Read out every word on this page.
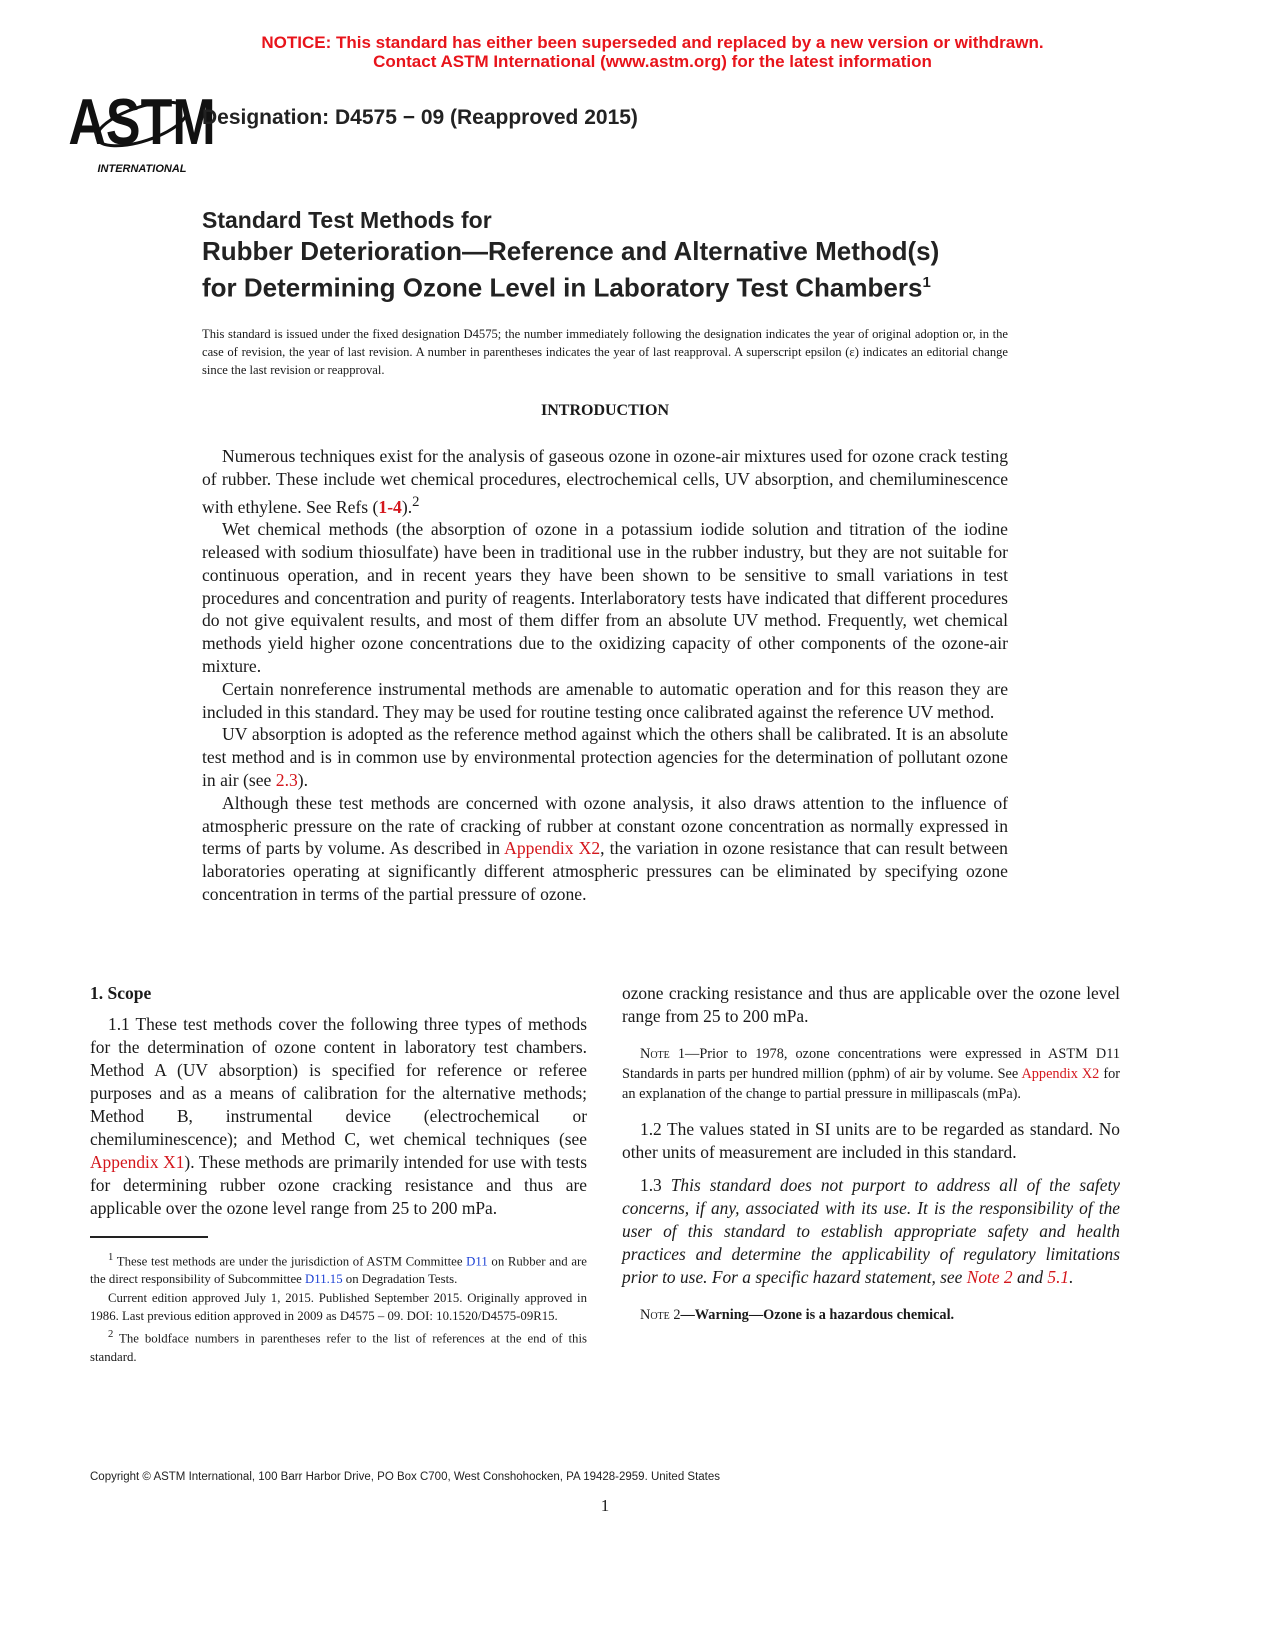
NOTICE: This standard has either been superseded and replaced by a new version or withdrawn.
Contact ASTM International (www.astm.org) for the latest information
ASTM
INTERNATIONAL
Designation: D4575 − 09 (Reapproved 2015)
Standard Test Methods for
Rubber Deterioration—Reference and Alternative Method(s)
for Determining Ozone Level in Laboratory Test Chambers$^1$
This standard is issued under the fixed designation D4575; the number immediately following the designation indicates the year of original adoption or, in the case of revision, the year of last revision. A number in parentheses indicates the year of last reapproval. A superscript epsilon (ε) indicates an editorial change since the last revision or reapproval.
INTRODUCTION

Numerous techniques exist for the analysis of gaseous ozone in ozone-air mixtures used for ozone crack testing of rubber. These include wet chemical procedures, electrochemical cells, UV absorption, and chemiluminescence with ethylene. See Refs (1-4).$^2$

Wet chemical methods (the absorption of ozone in a potassium iodide solution and titration of the iodine released with sodium thiosulfate) have been in traditional use in the rubber industry, but they are not suitable for continuous operation, and in recent years they have been shown to be sensitive to small variations in test procedures and concentration and purity of reagents. Interlaboratory tests have indicated that different procedures do not give equivalent results, and most of them differ from an absolute UV method. Frequently, wet chemical methods yield higher ozone concentrations due to the oxidizing capacity of other components of the ozone-air mixture.

Certain nonreference instrumental methods are amenable to automatic operation and for this reason they are included in this standard. They may be used for routine testing once calibrated against the reference UV method.

UV absorption is adopted as the reference method against which the others shall be calibrated. It is an absolute test method and is in common use by environmental protection agencies for the determination of pollutant ozone in air (see 2.3).

Although these test methods are concerned with ozone analysis, it also draws attention to the influence of atmospheric pressure on the rate of cracking of rubber at constant ozone concentration as normally expressed in terms of parts by volume. As described in Appendix X2, the variation in ozone resistance that can result between laboratories operating at significantly different atmospheric pressures can be eliminated by specifying ozone concentration in terms of the partial pressure of ozone.

1. Scope

1.1 These test methods cover the following three types of methods for the determination of ozone content in laboratory test chambers. Method A (UV absorption) is specified for reference or referee purposes and as a means of calibration for the alternative methods; Method B, instrumental device (electrochemical or chemiluminescence); and Method C, wet chemical techniques (see Appendix X1). These methods are primarily intended for use with tests for determining rubber ozone cracking resistance and thus are applicable over the ozone level range from 25 to 200 mPa.

ozone cracking resistance and thus are applicable over the ozone level range from 25 to 200 mPa.

Note 1—Prior to 1978, ozone concentrations were expressed in ASTM D11 Standards in parts per hundred million (pphm) of air by volume. See Appendix X2 for an explanation of the change to partial pressure in millipascals (mPa).

1.2 The values stated in SI units are to be regarded as standard. No other units of measurement are included in this standard.

1.3 This standard does not purport to address all of the safety concerns, if any, associated with its use. It is the responsibility of the user of this standard to establish appropriate safety and health practices and determine the applicability of regulatory limitations prior to use. For a specific hazard statement, see Note 2 and 5.1.

Note 2—Warning—Ozone is a hazardous chemical.

$^1$ These test methods are under the jurisdiction of ASTM Committee D11 on Rubber and are the direct responsibility of Subcommittee D11.15 on Degradation Tests.

Current edition approved July 1, 2015. Published September 2015. Originally approved in 1986. Last previous edition approved in 2009 as D4575 – 09. DOI: 10.1520/D4575-09R15.

$^2$ The boldface numbers in parentheses refer to the list of references at the end of this standard.

Copyright © ASTM International, 100 Barr Harbor Drive, PO Box C700, West Conshohocken, PA 19428-2959. United States
1
